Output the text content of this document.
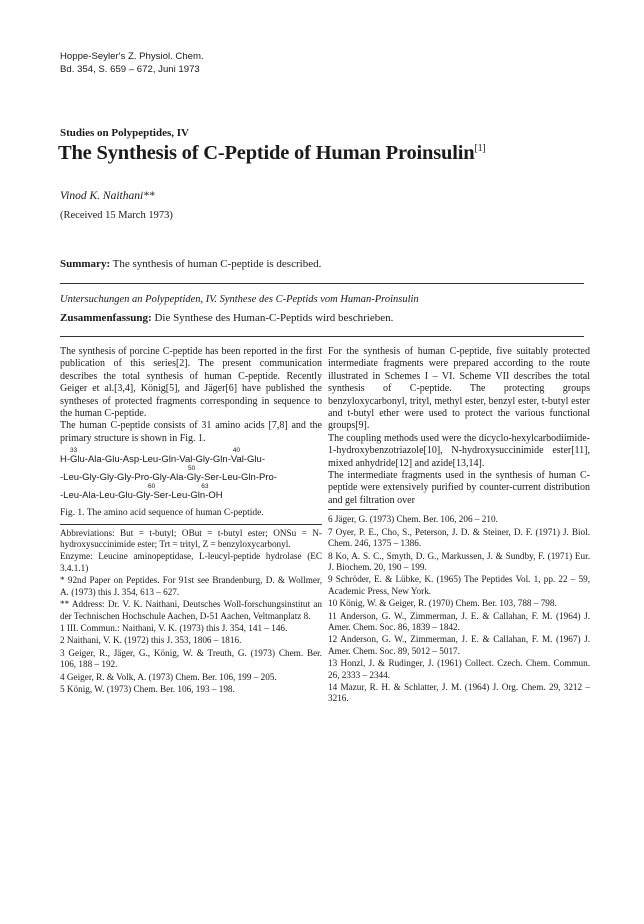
Hoppe-Seyler's Z. Physiol. Chem.
Bd. 354, S. 659 – 672, Juni 1973
Studies on Polypeptides, IV
The Synthesis of C-Peptide of Human Proinsulin[1]
Vinod K. Naithani**
(Received 15 March 1973)
Summary: The synthesis of human C-peptide is described.
Untersuchungen an Polypeptiden, IV. Synthese des C-Peptids vom Human-Proinsulin
Zusammenfassung: Die Synthese des Human-C-Peptids wird beschrieben.

The synthesis of porcine C-peptide has been reported in the first publication of this series[2]. The present communication describes the total synthesis of human C-peptide. Recently Geiger et al.[3,4], König[5], and Jäger[6] have published the syntheses of protected fragments corresponding in sequence to the human C-peptide.

The human C-peptide consists of 31 amino acids [7,8] and the primary structure is shown in Fig. 1.

33	40
H-Glu-Ala-Glu-Asp-Leu-Gln-Val-Gly-Gln-Val-Glu-
50
-Leu-Gly-Gly-Gly-Pro-Gly-Ala-Gly-Ser-Leu-Gln-Pro-
60	63
-Leu-Ala-Leu-Glu-Gly-Ser-Leu-Gln-OH
Fig. 1. The amino acid sequence of human C-peptide.

Abbreviations: But = t-butyl; OBut = t-butyl ester; ONSu = N-hydroxysuccinimide ester; Trt = trityl, Z = benzyloxycarbonyl.

Enzyme: Leucine aminopeptidase, L-leucyl-peptide hydrolase (EC 3.4.1.1)

* 92nd Paper on Peptides. For 91st see Brandenburg, D. & Wollmer, A. (1973) this J. 354, 613 – 627.

** Address: Dr. V. K. Naithani, Deutsches Woll-forschungsinstitut an der Technischen Hochschule Aachen, D-51 Aachen, Veltmanplatz 8.

1 III. Commun.: Naithani, V. K. (1973) this J. 354, 141 – 146.

2 Naithani, V. K. (1972) this J. 353, 1806 – 1816.

3 Geiger, R., Jäger, G., König, W. & Treuth, G. (1973) Chem. Ber. 106, 188 – 192.

4 Geiger, R. & Volk, A. (1973) Chem. Ber. 106, 199 – 205.

5 König, W. (1973) Chem. Ber. 106, 193 – 198.

For the synthesis of human C-peptide, five suitably protected intermediate fragments were prepared according to the route illustrated in Schemes I – VI. Scheme VII describes the total synthesis of C-peptide. The protecting groups benzyloxycarbonyl, trityl, methyl ester, benzyl ester, t-butyl ester and t-butyl ether were used to protect the various functional groups[9].

The coupling methods used were the dicyclo-hexylcarbodiimide-1-hydroxybenzotriazole[10], N-hydroxysuccinimide ester[11], mixed anhydride[12] and azide[13,14].

The intermediate fragments used in the synthesis of human C-peptide were extensively purified by counter-current distribution and gel filtration over

6 Jäger, G. (1973) Chem. Ber. 106, 206 – 210.

7 Oyer, P. E., Cho, S., Peterson, J. D. & Steiner, D. F. (1971) J. Biol. Chem. 246, 1375 – 1386.

8 Ko, A. S. C., Smyth, D. G., Markussen, J. & Sundby, F. (1971) Eur. J. Biochem. 20, 190 – 199.

9 Schröder, E. & Lübke, K. (1965) The Peptides Vol. 1, pp. 22 – 59, Academic Press, New York.

10 König, W. & Geiger, R. (1970) Chem. Ber. 103, 788 – 798.

11 Anderson, G. W., Zimmerman, J. E. & Callahan, F. M. (1964) J. Amer. Chem. Soc. 86, 1839 – 1842.

12 Anderson, G. W., Zimmerman, J. E. & Callahan, F. M. (1967) J. Amer. Chem. Soc. 89, 5012 – 5017.

13 Honzl, J. & Rudinger, J. (1961) Collect. Czech. Chem. Commun. 26, 2333 – 2344.

14 Mazur, R. H. & Schlatter, J. M. (1964) J. Org. Chem. 29, 3212 – 3216.
